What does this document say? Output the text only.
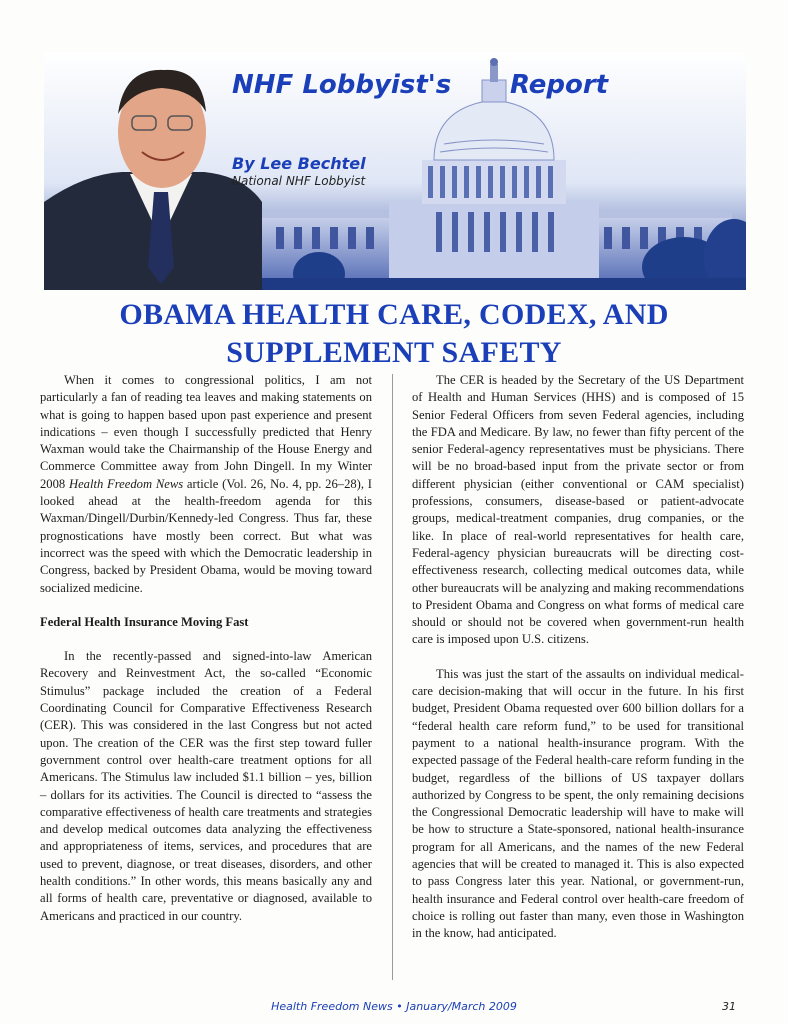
NHF Lobbyist's Report
By Lee Bechtel
National NHF Lobbyist
OBAMA HEALTH CARE, CODEX, AND
SUPPLEMENT SAFETY

When it comes to congressional politics, I am not particularly a fan of reading tea leaves and making statements on what is going to happen based upon past experience and present indications – even though I successfully predicted that Henry Waxman would take the Chairmanship of the House Energy and Commerce Committee away from John Dingell. In my Winter 2008 Health Freedom News article (Vol. 26, No. 4, pp. 26–28), I looked ahead at the health-freedom agenda for this Waxman/Dingell/Durbin/Kennedy-led Congress. Thus far, these prognostications have mostly been correct. But what was incorrect was the speed with which the Democratic leadership in Congress, backed by President Obama, would be moving toward socialized medicine.

Federal Health Insurance Moving Fast

In the recently-passed and signed-into-law American Recovery and Reinvestment Act, the so-called “Economic Stimulus” package included the creation of a Federal Coordinating Council for Comparative Effectiveness Research (CER). This was considered in the last Congress but not acted upon. The creation of the CER was the first step toward fuller government control over health-care treatment options for all Americans. The Stimulus law included $1.1 billion – yes, billion – dollars for its activities. The Council is directed to “assess the comparative effectiveness of health care treatments and strategies and develop medical outcomes data analyzing the effectiveness and appropriateness of items, services, and procedures that are used to prevent, diagnose, or treat diseases, disorders, and other health conditions.” In other words, this means basically any and all forms of health care, preventative or diagnosed, available to Americans and practiced in our country.

The CER is headed by the Secretary of the US Department of Health and Human Services (HHS) and is composed of 15 Senior Federal Officers from seven Federal agencies, including the FDA and Medicare. By law, no fewer than fifty percent of the senior Federal-agency representatives must be physicians. There will be no broad-based input from the private sector or from different physician (either conventional or CAM specialist) professions, consumers, disease-based or patient-advocate groups, medical-treatment companies, drug companies, or the like. In place of real-world representatives for health care, Federal-agency physician bureaucrats will be directing cost-effectiveness research, collecting medical outcomes data, while other bureaucrats will be analyzing and making recommendations to President Obama and Congress on what forms of medical care should or should not be covered when government-run health care is imposed upon U.S. citizens.

This was just the start of the assaults on individual medical-care decision-making that will occur in the future. In his first budget, President Obama requested over 600 billion dollars for a “federal health care reform fund,” to be used for transitional payment to a national health-insurance program. With the expected passage of the Federal health-care reform funding in the budget, regardless of the billions of US taxpayer dollars authorized by Congress to be spent, the only remaining decisions the Congressional Democratic leadership will have to make will be how to structure a State-sponsored, national health-insurance program for all Americans, and the names of the new Federal agencies that will be created to managed it. This is also expected to pass Congress later this year. National, or government-run, health insurance and Federal control over health-care freedom of choice is rolling out faster than many, even those in Washington in the know, had anticipated.

Health Freedom News • January/March 2009	31
